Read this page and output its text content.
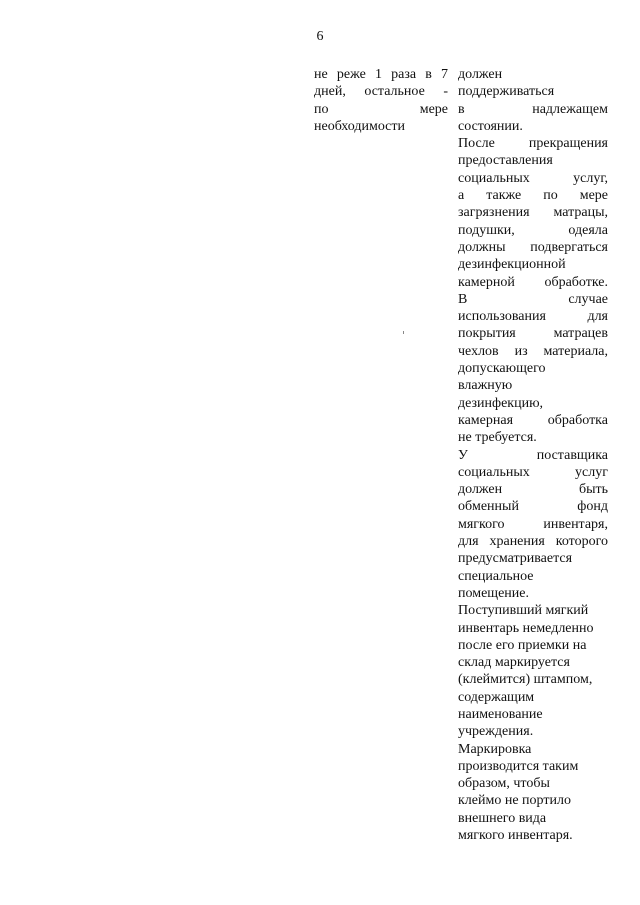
6
не реже 1 раза в 7
дней, остальное -
по мере
необходимости
должен
поддерживаться
в надлежащем
состоянии.
После прекращения
предоставления
социальных услуг,
а также по мере
загрязнения матрацы,
подушки, одеяла
должны подвергаться
дезинфекционной
камерной обработке.
В случае
использования для
покрытия матрацев
чехлов из материала,
допускающего
влажную
дезинфекцию,
камерная обработка
не требуется.
У поставщика
социальных услуг
должен быть
обменный фонд
мягкого инвентаря,
для хранения которого
предусматривается
специальное
помещение.
Поступивший мягкий
инвентарь немедленно
после его приемки на
склад маркируется
(клеймится) штампом,
содержащим
наименование
учреждения.
Маркировка
производится таким
образом, чтобы
клеймо не портило
внешнего вида
мягкого инвентаря.
